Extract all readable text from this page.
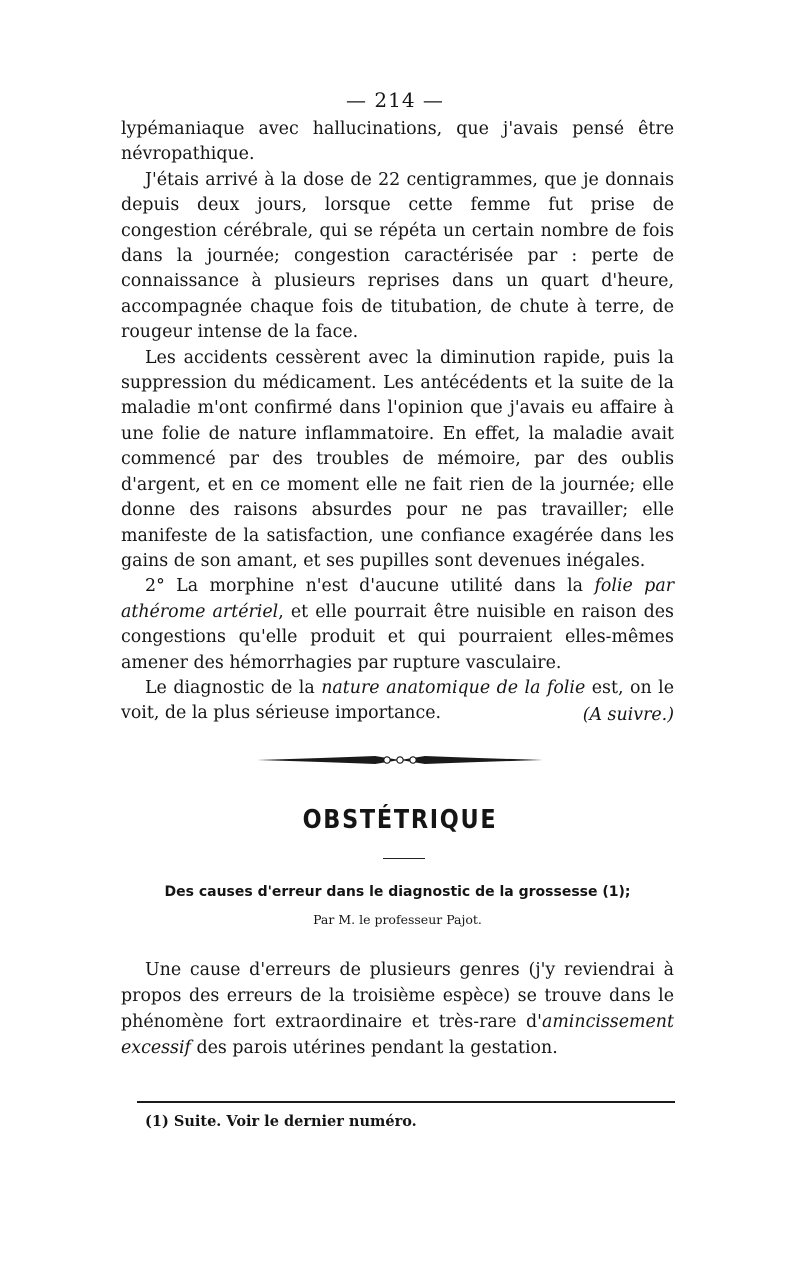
— 214 —

lypémaniaque avec hallucinations, que j'avais pensé être névropathique.

J'étais arrivé à la dose de 22 centigrammes, que je donnais depuis deux jours, lorsque cette femme fut prise de congestion cérébrale, qui se répéta un certain nombre de fois dans la journée; congestion caractérisée par : perte de connaissance à plusieurs reprises dans un quart d'heure, accompagnée chaque fois de titubation, de chute à terre, de rougeur intense de la face.

Les accidents cessèrent avec la diminution rapide, puis la suppression du médicament. Les antécédents et la suite de la maladie m'ont confirmé dans l'opinion que j'avais eu affaire à une folie de nature inflammatoire. En effet, la maladie avait commencé par des troubles de mémoire, par des oublis d'argent, et en ce moment elle ne fait rien de la journée; elle donne des raisons absurdes pour ne pas travailler; elle manifeste de la satisfaction, une confiance exagérée dans les gains de son amant, et ses pupilles sont devenues inégales.

2° La morphine n'est d'aucune utilité dans la folie par athérome artériel, et elle pourrait être nuisible en raison des congestions qu'elle produit et qui pourraient elles-mêmes amener des hémorrhagies par rupture vasculaire.

Le diagnostic de la nature anatomique de la folie est, on le voit, de la plus sérieuse importance.	(A suivre.)
OBSTÉTRIQUE
Des causes d'erreur dans le diagnostic de la grossesse (1);
Par M. le professeur Pajot.

Une cause d'erreurs de plusieurs genres (j'y reviendrai à propos des erreurs de la troisième espèce) se trouve dans le phénomène fort extraordinaire et très-rare d'amincissement excessif des parois utérines pendant la gestation.

(1) Suite. Voir le dernier numéro.
